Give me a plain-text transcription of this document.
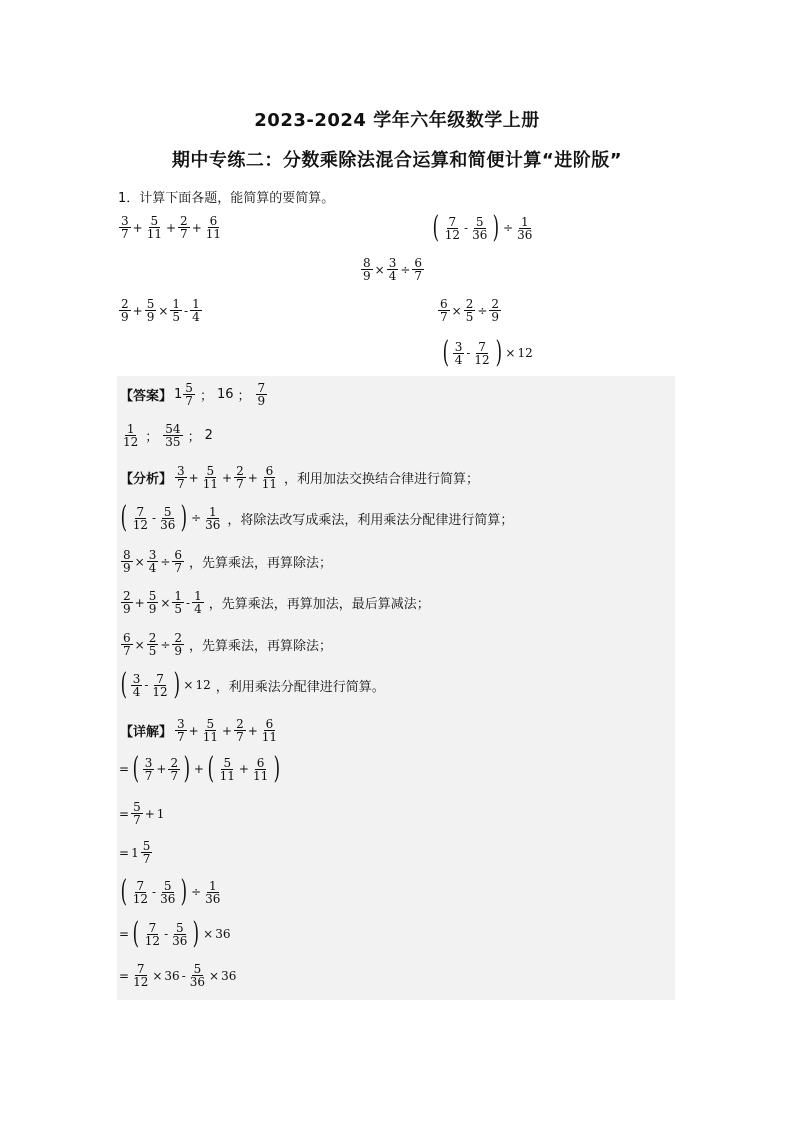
2023-2024 学年六年级数学上册
期中专练二：分数乘除法混合运算和简便计算“进阶版”
1．计算下面各题，能简算的要简算。
$\frac{3}{7} + \frac{5}{11} + \frac{2}{7} + \frac{6}{11}$	( $\frac{7}{12} - \frac{5}{36}$ ) ÷ $\frac{1}{36}$
$\frac{8}{9} \times \frac{3}{4} \div \frac{6}{7}$
$\frac{2}{9} + \frac{5}{9} \times \frac{1}{5} - \frac{1}{4}$	$\frac{6}{7} \times \frac{2}{5} \div \frac{2}{9}$
( $\frac{3}{4} - \frac{7}{12}$ ) × 12
【答案】 $1 \frac{5}{7}$ ； 16 ； $\frac{7}{9}$
$\frac{1}{12}$ ； $\frac{54}{35}$ ； 2
【分析】 $\frac{3}{7} + \frac{5}{11} + \frac{2}{7} + \frac{6}{11}$ ，利用加法交换结合律进行简算；
( $\frac{7}{12} - \frac{5}{36}$ ) ÷ $\frac{1}{36}$ ，将除法改写成乘法，利用乘法分配律进行简算；
$\frac{8}{9} \times \frac{3}{4} \div \frac{6}{7}$ ，先算乘法，再算除法；
$\frac{2}{9} + \frac{5}{9} \times \frac{1}{5} - \frac{1}{4}$ ，先算乘法，再算加法，最后算减法；
$\frac{6}{7} \times \frac{2}{5} \div \frac{2}{9}$ ，先算乘法，再算除法；
( $\frac{3}{4} - \frac{7}{12}$ ) × 12 ，利用乘法分配律进行简算。
【详解】 $\frac{3}{7} + \frac{5}{11} + \frac{2}{7} + \frac{6}{11}$
= ( $\frac{3}{7} + \frac{2}{7}$ ) + ( $\frac{5}{11} + \frac{6}{11}$ )
= $\frac{5}{7} + 1$
= $1 \frac{5}{7}$
( $\frac{7}{12} - \frac{5}{36}$ ) ÷ $\frac{1}{36}$
= ( $\frac{7}{12} - \frac{5}{36}$ ) × 36
= $\frac{7}{12} \times 36 - \frac{5}{36} \times 36$
